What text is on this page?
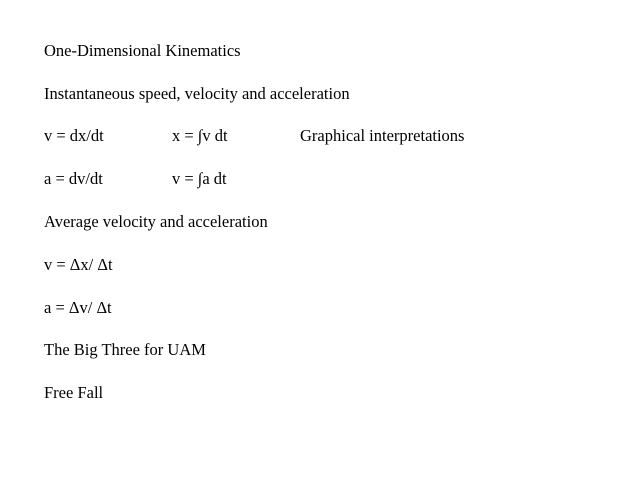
One-Dimensional Kinematics
Instantaneous speed, velocity and acceleration
v = dx/dt	x = ∫v dt	Graphical interpretations
a = dv/dt	v = ∫a dt
Average velocity and acceleration
v = Δx/ Δt
a = Δv/ Δt
The Big Three for UAM
Free Fall
